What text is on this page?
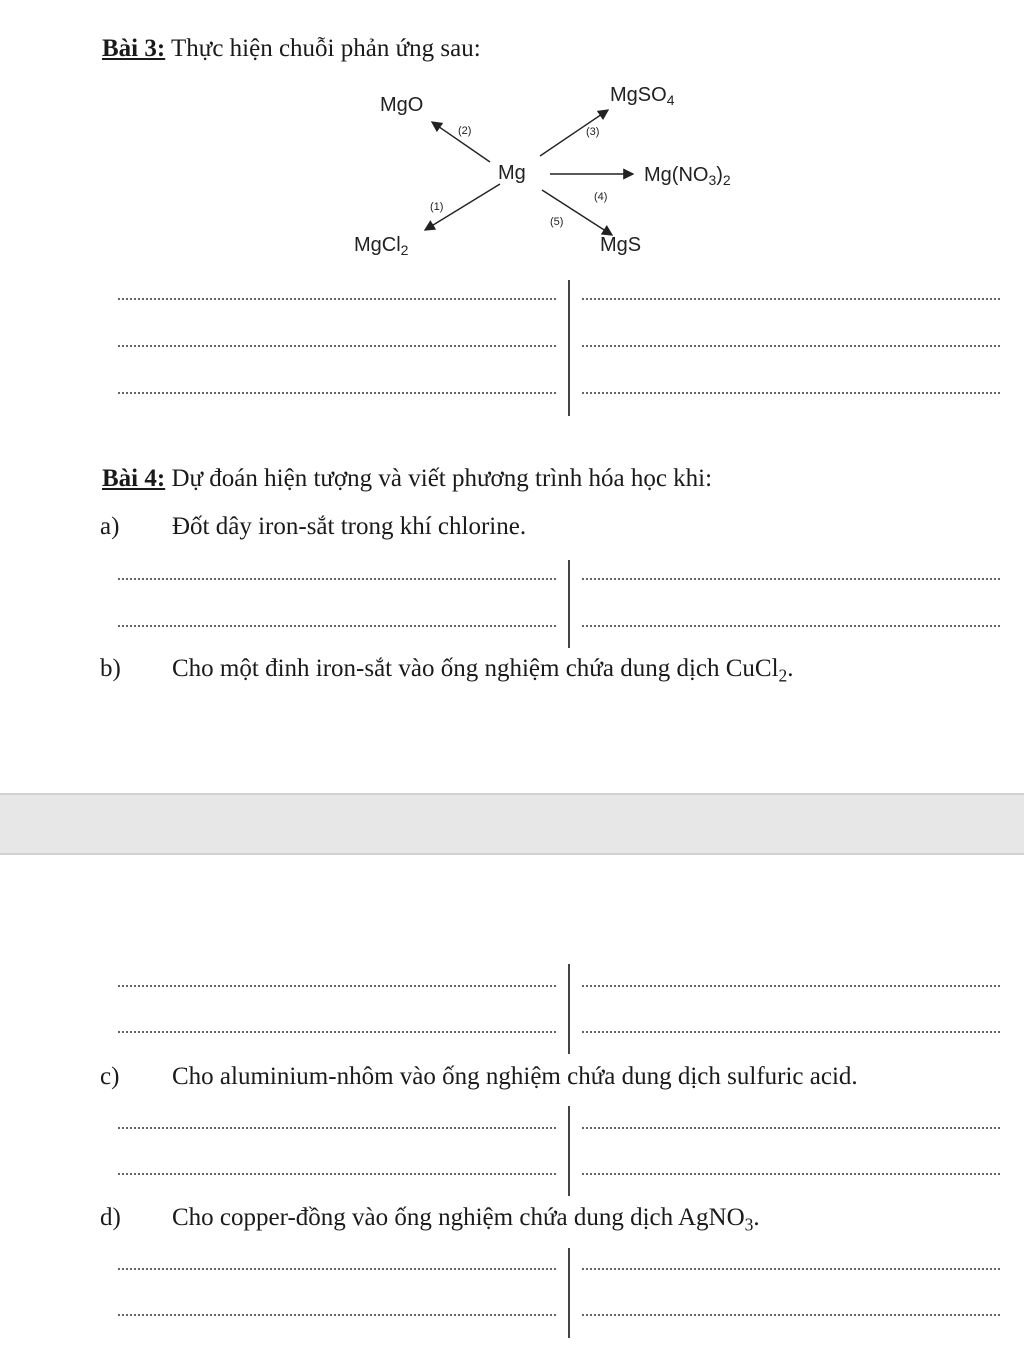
Bài 3: Thực hiện chuỗi phản ứng sau:
Mg
MgO	MgSO$_4$
$Mg(NO_3)_2$
MgCl$_2$	MgS
(2)	(3)
(4)
(1)
(5)
Bài 4: Dự đoán hiện tượng và viết phương trình hóa học khi:
a) Đốt dây iron-sắt trong khí chlorine.
b) Cho một đinh iron-sắt vào ống nghiệm chứa dung dịch CuCl$_2$.
c) Cho aluminium-nhôm vào ống nghiệm chứa dung dịch sulfuric acid.
d) Cho copper-đồng vào ống nghiệm chứa dung dịch AgNO$_3$.
